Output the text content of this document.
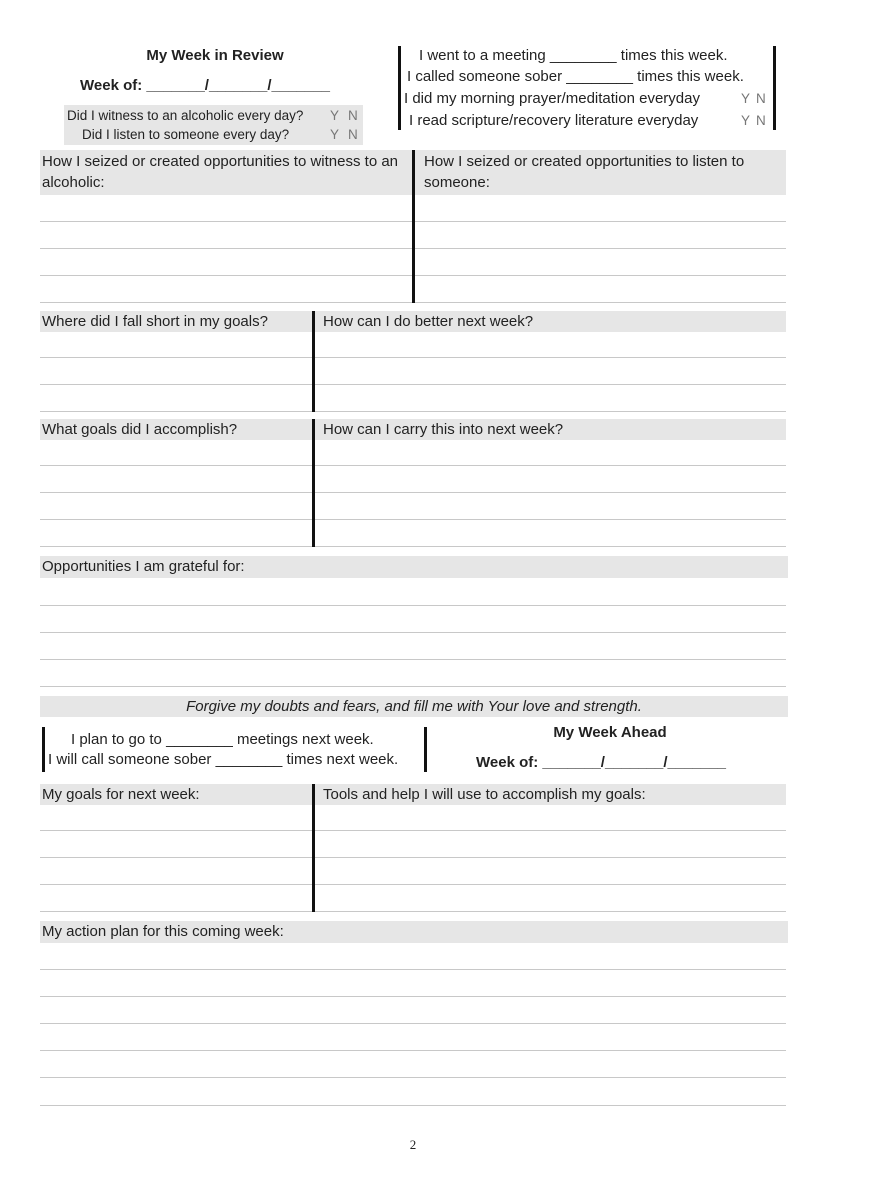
My Week in Review
Week of: _______/_______/_______
Did I witness to an alcoholic every day? Y N
Did I listen to someone every day?	Y N
I went to a meeting ________ times this week.
I called someone sober ________ times this week.
I did my morning prayer/meditation everyday	Y N
I read scripture/recovery literature everyday	Y N
How I seized or created opportunities to witness to an alcoholic:
How I seized or created opportunities to listen to someone:
Where did I fall short in my goals?	How can I do better next week?
What goals did I accomplish?	How can I carry this into next week?
Opportunities I am grateful for:
Forgive my doubts and fears, and fill me with Your love and strength.
I plan to go to ________ meetings next week.
I will call someone sober ________ times next week.
My Week Ahead
Week of: _______/_______/_______
My goals for next week:	Tools and help I will use to accomplish my goals:
My action plan for this coming week:
2
